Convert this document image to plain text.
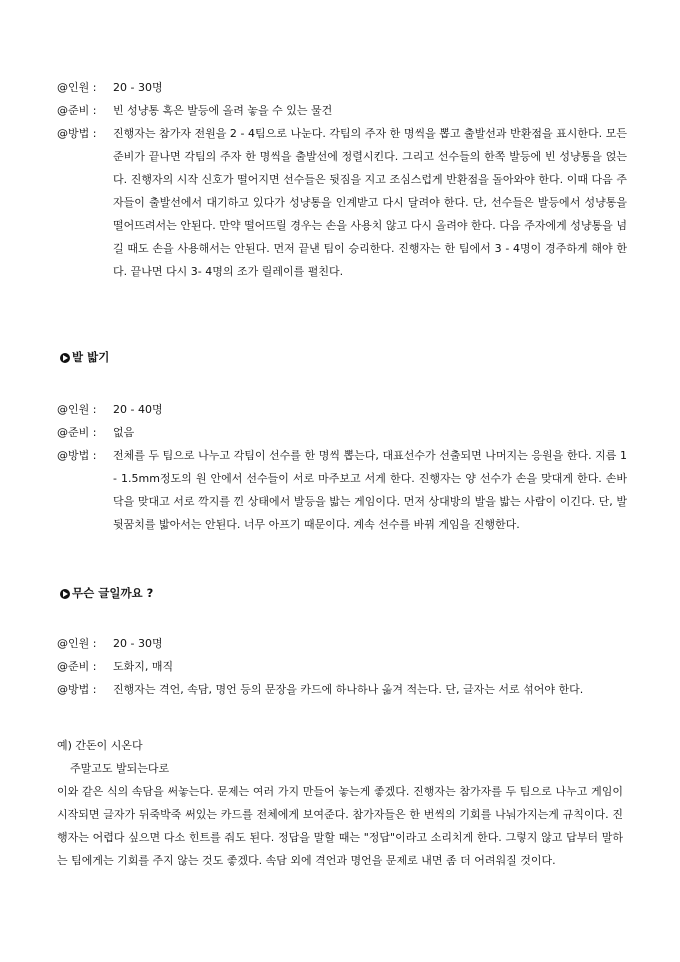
@인원 :	20 - 30명
@준비 :	빈 성냥통 혹은 발등에 올려 놓을 수 있는 물건
@방법 :	진행자는 참가자 전원을 2 - 4팀으로 나눈다. 각팀의 주자 한 명씩을 뽑고 출발선과 반환점을 표시한다. 모든 준비가 끝나면 각팀의 주자 한 명씩을 출발선에 정렬시킨다. 그리고 선수들의 한쪽 발등에 빈 성냥통을 얹는다. 진행자의 시작 신호가 떨어지면 선수들은 뒷짐을 지고 조심스럽게 반환점을 돌아와야 한다. 이때 다음 주자들이 출발선에서 대기하고 있다가 성냥통을 인계받고 다시 달려야 한다. 단, 선수들은 발등에서 성냥통을 떨어뜨려서는 안된다. 만약 떨어뜨릴 경우는 손을 사용치 않고 다시 올려야 한다. 다음 주자에게 성냥통을 넘길 때도 손을 사용해서는 안된다. 먼저 끝낸 팀이 승리한다. 진행자는 한 팀에서 3 - 4명이 경주하게 해야 한다. 끝나면 다시 3- 4명의 조가 릴레이를 펼친다.
발 밟기
@인원 :	20 - 40명
@준비 :	없음
@방법 :	전체를 두 팀으로 나누고 각팀이 선수를 한 명씩 뽑는다, 대표선수가 선출되면 나머지는 응원을 한다. 지름 1 - 1.5mm정도의 원 안에서 선수들이 서로 마주보고 서게 한다. 진행자는 양 선수가 손을 맞대게 한다. 손바닥을 맞대고 서로 깍지를 낀 상태에서 발등을 밟는 게임이다. 먼저 상대방의 발을 밟는 사람이 이긴다. 단, 발 뒷꿈치를 밟아서는 안된다. 너무 아프기 때문이다. 계속 선수를 바꿔 게임을 진행한다.
무슨 글일까요 ?
@인원 :	20 - 30명
@준비 :	도화지, 매직
@방법 :	진행자는 격언, 속담, 명언 등의 문장을 카드에 하나하나 옮겨 적는다. 단, 글자는 서로 섞어야 한다.
예) 간돈이 시온다
주말고도 발되는다로
이와 같은 식의 속담을 써놓는다. 문제는 여러 가지 만들어 놓는게 좋겠다. 진행자는 참가자를 두 팀으로 나누고 게임이 시작되면 글자가 뒤죽박죽 써있는 카드를 전체에게 보여준다. 참가자들은 한 번씩의 기회를 나눠가지는게 규칙이다. 진행자는 어렵다 싶으면 다소 힌트를 줘도 된다. 정답을 말할 때는 "정답"이라고 소리치게 한다. 그렇지 않고 답부터 말하는 팀에게는 기회를 주지 않는 것도 좋겠다. 속담 외에 격언과 명언을 문제로 내면 좀 더 어려워질 것이다.
